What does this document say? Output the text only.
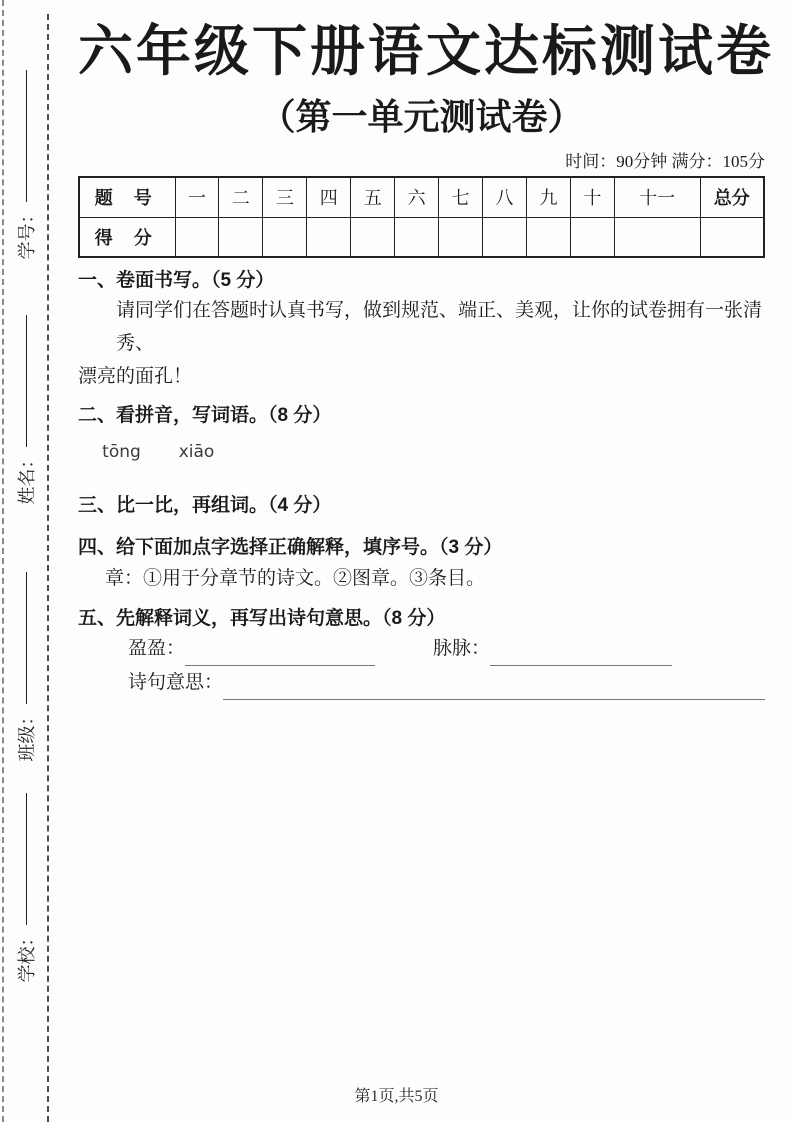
学号：
姓名：
班级：
学校：
六年级下册语文达标测试卷
（第一单元测试卷）
时间：90分钟 满分：105分
题 号	一	二	三	四	五	六	七	八	九	十	十一	总分
得 分												
一、卷面书写。（5 分）
请同学们在答题时认真书写，做到规范、端正、美观，让你的试卷拥有一张清秀、
漂亮的面孔！
二、看拼音，写词语。（8 分）
tōng	xiāo
三、比一比，再组词。（4 分）
四、给下面加点字选择正确解释，填序号。（3 分）
章：①用于分章节的诗文。②图章。③条目。
五、先解释词义，再写出诗句意思。（8 分）
盈盈：	脉脉：
诗句意思：
第1页,共5页
